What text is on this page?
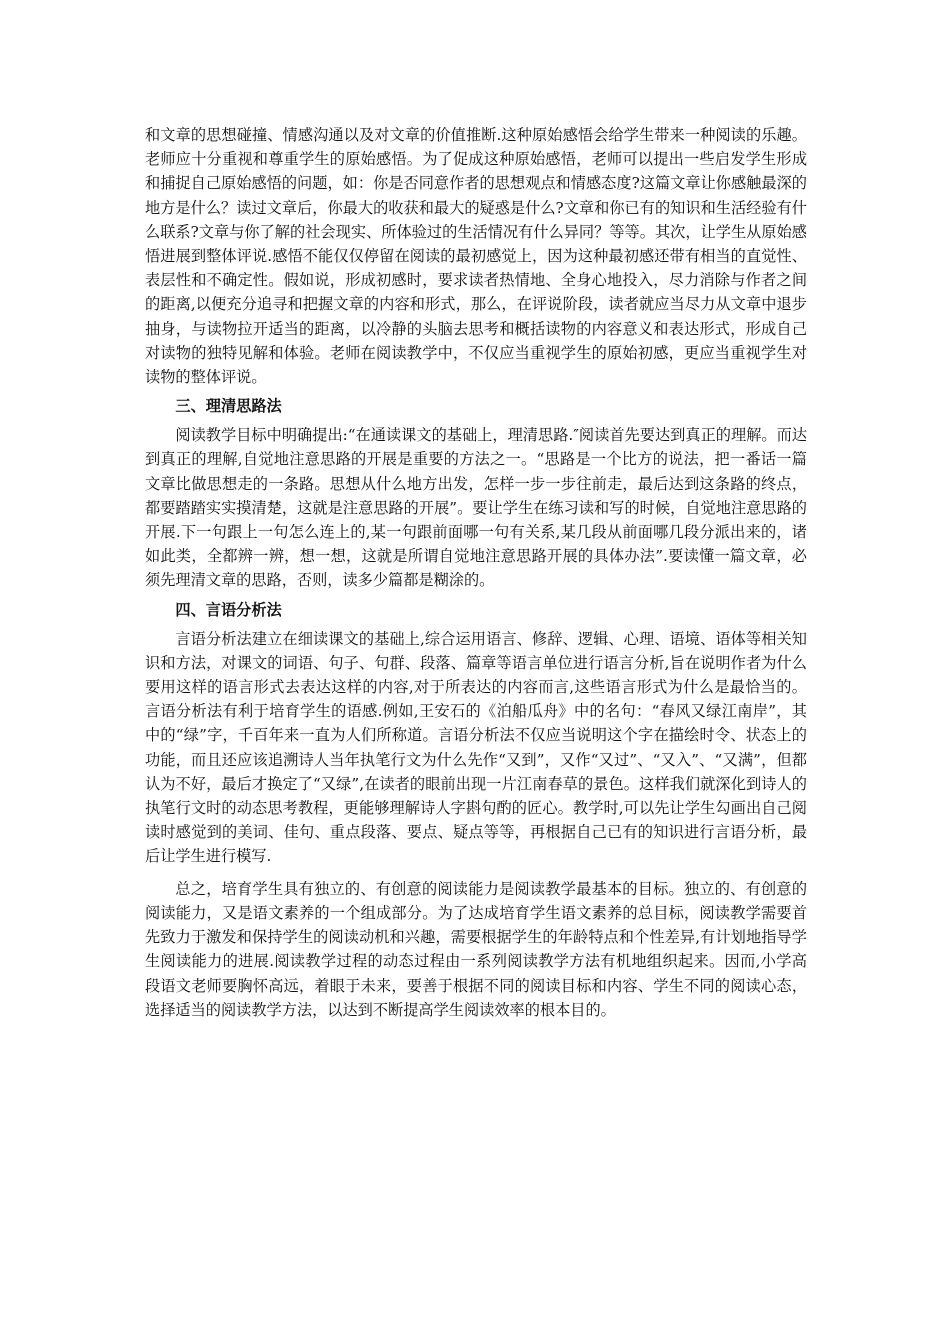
和文章的思想碰撞、情感沟通以及对文章的价值推断.这种原始感悟会给学生带来一种阅读的乐趣。老师应十分重视和尊重学生的原始感悟。为了促成这种原始感悟，老师可以提出一些启发学生形成和捕捉自己原始感悟的问题，如：你是否同意作者的思想观点和情感态度?这篇文章让你感触最深的地方是什么？读过文章后，你最大的收获和最大的疑惑是什么?文章和你已有的知识和生活经验有什么联系?文章与你了解的社会现实、所体验过的生活情况有什么异同？等等。其次，让学生从原始感悟进展到整体评说.感悟不能仅仅停留在阅读的最初感觉上，因为这种最初感还带有相当的直觉性、表层性和不确定性。假如说，形成初感时，要求读者热情地、全身心地投入，尽力消除与作者之间的距离,以便充分追寻和把握文章的内容和形式，那么，在评说阶段，读者就应当尽力从文章中退步抽身，与读物拉开适当的距离，以冷静的头脑去思考和概括读物的内容意义和表达形式，形成自己对读物的独特见解和体验。老师在阅读教学中，不仅应当重视学生的原始初感，更应当重视学生对读物的整体评说。

三、理清思路法

阅读教学目标中明确提出:“在通读课文的基础上，理清思路.″阅读首先要达到真正的理解。而达到真正的理解,自觉地注意思路的开展是重要的方法之一。“思路是一个比方的说法，把一番话一篇文章比做思想走的一条路。思想从什么地方出发，怎样一步一步往前走，最后达到这条路的终点，都要踏踏实实摸清楚，这就是注意思路的开展”。要让学生在练习读和写的时候，自觉地注意思路的开展.下一句跟上一句怎么连上的,某一句跟前面哪一句有关系,某几段从前面哪几段分派出来的，诸如此类，全都辨一辨，想一想，这就是所谓自觉地注意思路开展的具体办法”.要读懂一篇文章，必须先理清文章的思路，否则，读多少篇都是糊涂的。

四、言语分析法

言语分析法建立在细读课文的基础上,综合运用语言、修辞、逻辑、心理、语境、语体等相关知识和方法，对课文的词语、句子、句群、段落、篇章等语言单位进行语言分析,旨在说明作者为什么要用这样的语言形式去表达这样的内容,对于所表达的内容而言,这些语言形式为什么是最恰当的。言语分析法有利于培育学生的语感.例如,王安石的《泊船瓜舟》中的名句：“春风又绿江南岸”，其中的“绿”字，千百年来一直为人们所称道。言语分析法不仅应当说明这个字在描绘时令、状态上的功能，而且还应该追溯诗人当年执笔行文为什么先作“又到”，又作“又过”、“又入”、“又满”，但都认为不好，最后才换定了“又绿”,在读者的眼前出现一片江南春草的景色。这样我们就深化到诗人的执笔行文时的动态思考教程，更能够理解诗人字斟句酌的匠心。教学时,可以先让学生勾画出自己阅读时感觉到的美词、佳句、重点段落、要点、疑点等等，再根据自己已有的知识进行言语分析，最后让学生进行模写.

总之，培育学生具有独立的、有创意的阅读能力是阅读教学最基本的目标。独立的、有创意的阅读能力，又是语文素养的一个组成部分。为了达成培育学生语文素养的总目标，阅读教学需要首先致力于激发和保持学生的阅读动机和兴趣，需要根据学生的年龄特点和个性差异,有计划地指导学生阅读能力的进展.阅读教学过程的动态过程由一系列阅读教学方法有机地组织起来。因而,小学高段语文老师要胸怀高远，着眼于未来，要善于根据不同的阅读目标和内容、学生不同的阅读心态，选择适当的阅读教学方法，以达到不断提高学生阅读效率的根本目的。
